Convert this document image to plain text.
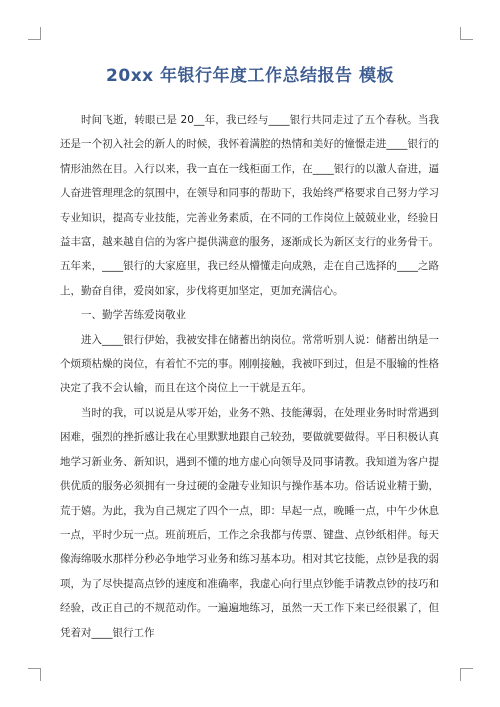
20xx 年银行年度工作总结报告 模板

时间飞逝，转眼已是 20__年，我已经与____银行共同走过了五个春秋。当我还是一个初入社会的新人的时候，我怀着满腔的热情和美好的憧憬走进____银行的情形油然在目。入行以来，我一直在一线柜面工作，在____银行的以激人奋进，逼人奋进管理理念的氛围中，在领导和同事的帮助下，我始终严格要求自己努力学习专业知识，提高专业技能，完善业务素质，在不同的工作岗位上兢兢业业，经验日益丰富，越来越自信的为客户提供满意的服务，逐渐成长为新区支行的业务骨干。五年来，____银行的大家庭里，我已经从懵懂走向成熟，走在自己选择的____之路上，勤奋自律，爱岗如家，步伐将更加坚定，更加充满信心。

一、勤学苦练爱岗敬业

进入____银行伊始，我被安排在储蓄出纳岗位。常常听别人说：储蓄出纳是一个烦琐枯燥的岗位，有着忙不完的事。刚刚接触，我被吓到过，但是不服输的性格决定了我不会认输，而且在这个岗位上一干就是五年。

当时的我，可以说是从零开始，业务不熟、技能薄弱，在处理业务时时常遇到困难，强烈的挫折感让我在心里默默地跟自己较劲，要做就要做得。平日积极认真地学习新业务、新知识，遇到不懂的地方虚心向领导及同事请教。我知道为客户提供优质的服务必须拥有一身过硬的金融专业知识与操作基本功。俗话说业精于勤，荒于嬉。为此，我为自己规定了四个一点，即：早起一点，晚睡一点，中午少休息一点，平时少玩一点。班前班后，工作之余我都与传票、键盘、点钞纸相伴。每天像海绵吸水那样分秒必争地学习业务和练习基本功。相对其它技能，点钞是我的弱项，为了尽快提高点钞的速度和准确率，我虚心向行里点钞能手请教点钞的技巧和经验，改正自己的不规范动作。一遍遍地练习，虽然一天工作下来已经很累了，但凭着对____银行工作
